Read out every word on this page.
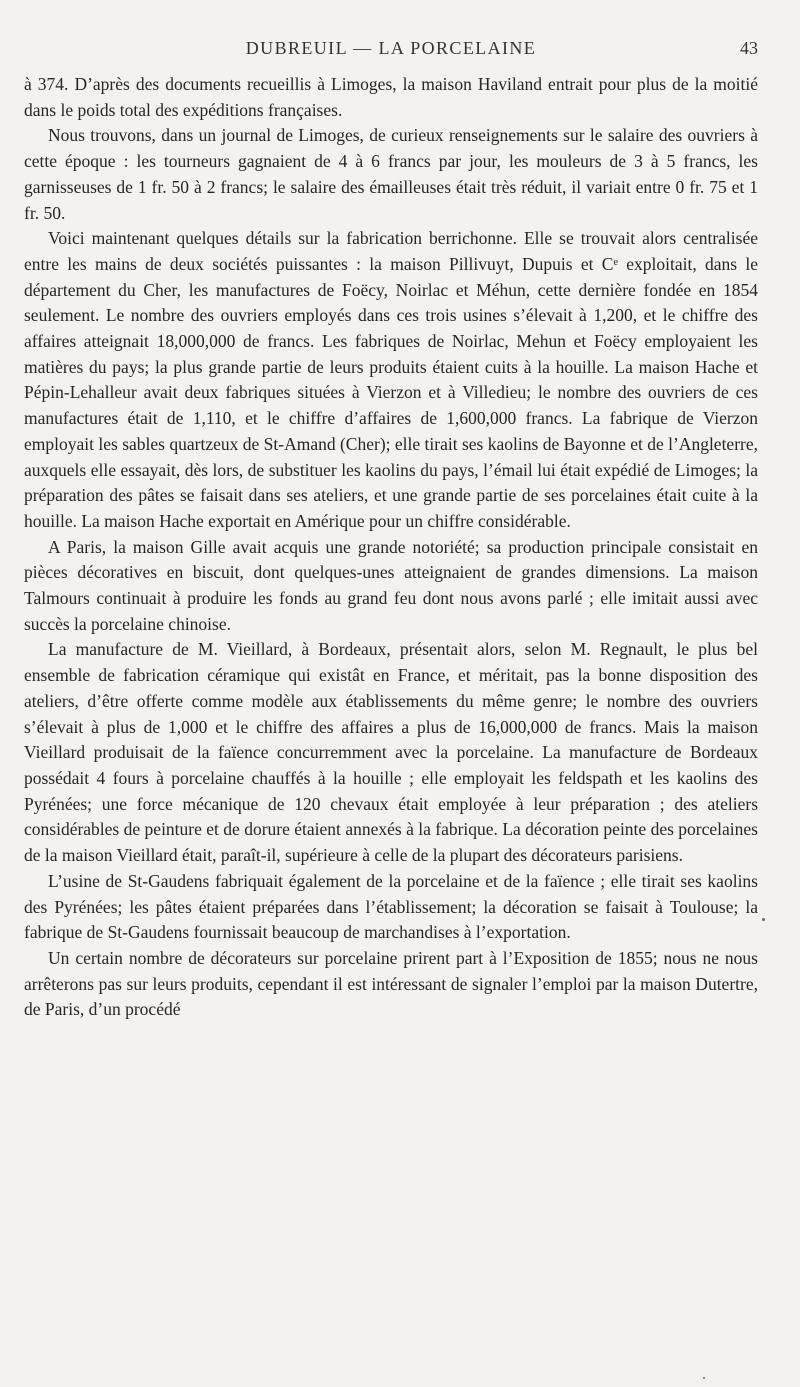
DUBREUIL — LA PORCELAINE	43

à 374. D’après des documents recueillis à Limoges, la maison Haviland entrait pour plus de la moitié dans le poids total des expéditions françaises.

Nous trouvons, dans un journal de Limoges, de curieux renseignements sur le salaire des ouvriers à cette époque : les tourneurs gagnaient de 4 à 6 francs par jour, les mouleurs de 3 à 5 francs, les garnisseuses de 1 fr. 50 à 2 francs; le salaire des émailleuses était très réduit, il variait entre 0 fr. 75 et 1 fr. 50.

Voici maintenant quelques détails sur la fabrication berrichonne. Elle se trouvait alors centralisée entre les mains de deux sociétés puissantes : la maison Pillivuyt, Dupuis et Cᵉ exploitait, dans le département du Cher, les manufactures de Foëcy, Noirlac et Méhun, cette dernière fondée en 1854 seulement. Le nombre des ouvriers employés dans ces trois usines s’élevait à 1,200, et le chiffre des affaires atteignait 18,000,000 de francs. Les fabriques de Noirlac, Mehun et Foëcy employaient les matières du pays; la plus grande partie de leurs produits étaient cuits à la houille. La maison Hache et Pépin-Lehalleur avait deux fabriques situées à Vierzon et à Villedieu; le nombre des ouvriers de ces manufactures était de 1,110, et le chiffre d’affaires de 1,600,000 francs. La fabrique de Vierzon employait les sables quartzeux de St-Amand (Cher); elle tirait ses kaolins de Bayonne et de l’Angleterre, auxquels elle essayait, dès lors, de substituer les kaolins du pays, l’émail lui était expédié de Limoges; la préparation des pâtes se faisait dans ses ateliers, et une grande partie de ses porcelaines était cuite à la houille. La maison Hache exportait en Amérique pour un chiffre considérable.

A Paris, la maison Gille avait acquis une grande notoriété; sa production principale consistait en pièces décoratives en biscuit, dont quelques-unes atteignaient de grandes dimensions. La maison Talmours continuait à produire les fonds au grand feu dont nous avons parlé ; elle imitait aussi avec succès la porcelaine chinoise.

La manufacture de M. Vieillard, à Bordeaux, présentait alors, selon M. Regnault, le plus bel ensemble de fabrication céramique qui existât en France, et méritait, pas la bonne disposition des ateliers, d’être offerte comme modèle aux établissements du même genre; le nombre des ouvriers s’élevait à plus de 1,000 et le chiffre des affaires a plus de 16,000,000 de francs. Mais la maison Vieillard produisait de la faïence concurremment avec la porcelaine. La manufacture de Bordeaux possédait 4 fours à porcelaine chauffés à la houille ; elle employait les feldspath et les kaolins des Pyrénées; une force mécanique de 120 chevaux était employée à leur préparation ; des ateliers considérables de peinture et de dorure étaient annexés à la fabrique. La décoration peinte des porcelaines de la maison Vieillard était, paraît-il, supérieure à celle de la plupart des décorateurs parisiens.

L’usine de St-Gaudens fabriquait également de la porcelaine et de la faïence ; elle tirait ses kaolins des Pyrénées; les pâtes étaient préparées dans l’établissement; la décoration se faisait à Toulouse; la fabrique de St-Gaudens fournissait beaucoup de marchandises à l’exportation.

Un certain nombre de décorateurs sur porcelaine prirent part à l’Exposition de 1855; nous ne nous arrêterons pas sur leurs produits, cependant il est intéressant de signaler l’emploi par la maison Dutertre, de Paris, d’un procédé
